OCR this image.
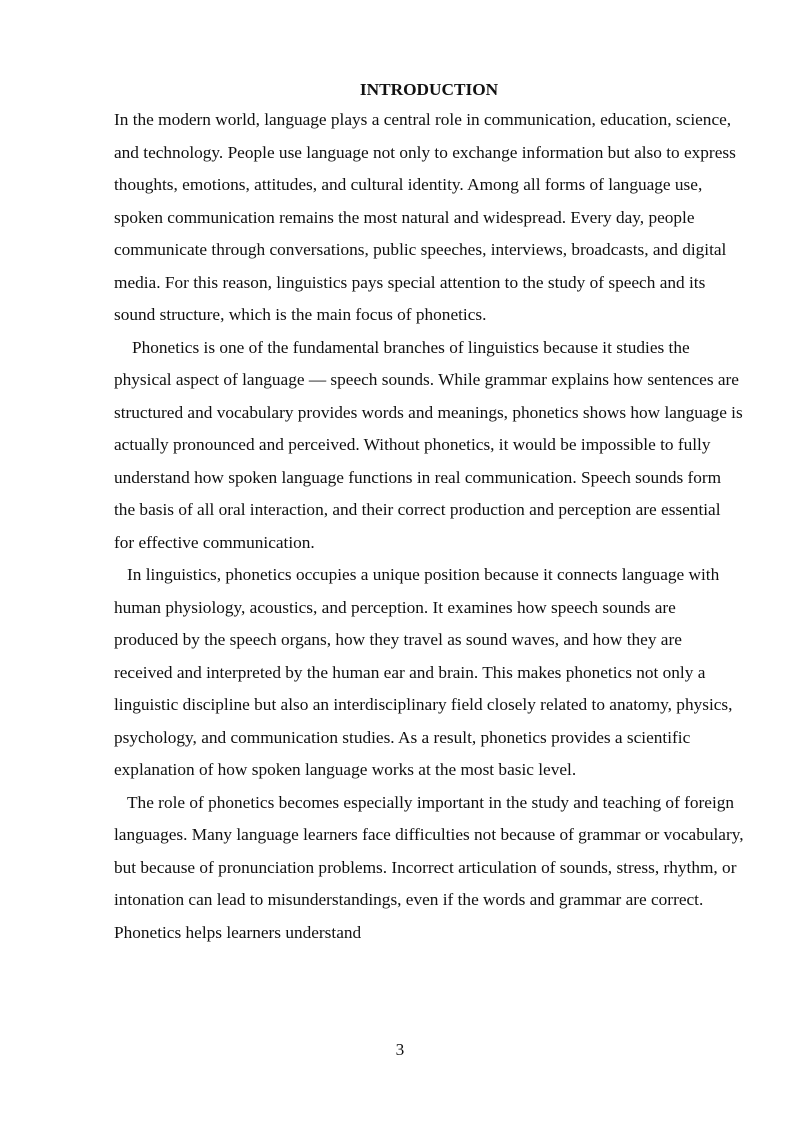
INTRODUCTION

In the modern world, language plays a central role in communication, education, science, and technology. People use language not only to exchange information but also to express thoughts, emotions, attitudes, and cultural identity. Among all forms of language use, spoken communication remains the most natural and widespread. Every day, people communicate through conversations, public speeches, interviews, broadcasts, and digital media. For this reason, linguistics pays special attention to the study of speech and its sound structure, which is the main focus of phonetics.

Phonetics is one of the fundamental branches of linguistics because it studies the physical aspect of language — speech sounds. While grammar explains how sentences are structured and vocabulary provides words and meanings, phonetics shows how language is actually pronounced and perceived. Without phonetics, it would be impossible to fully understand how spoken language functions in real communication. Speech sounds form the basis of all oral interaction, and their correct production and perception are essential for effective communication.

In linguistics, phonetics occupies a unique position because it connects language with human physiology, acoustics, and perception. It examines how speech sounds are produced by the speech organs, how they travel as sound waves, and how they are received and interpreted by the human ear and brain. This makes phonetics not only a linguistic discipline but also an interdisciplinary field closely related to anatomy, physics, psychology, and communication studies. As a result, phonetics provides a scientific explanation of how spoken language works at the most basic level.

The role of phonetics becomes especially important in the study and teaching of foreign languages. Many language learners face difficulties not because of grammar or vocabulary, but because of pronunciation problems. Incorrect articulation of sounds, stress, rhythm, or intonation can lead to misunderstandings, even if the words and grammar are correct. Phonetics helps learners understand

3
